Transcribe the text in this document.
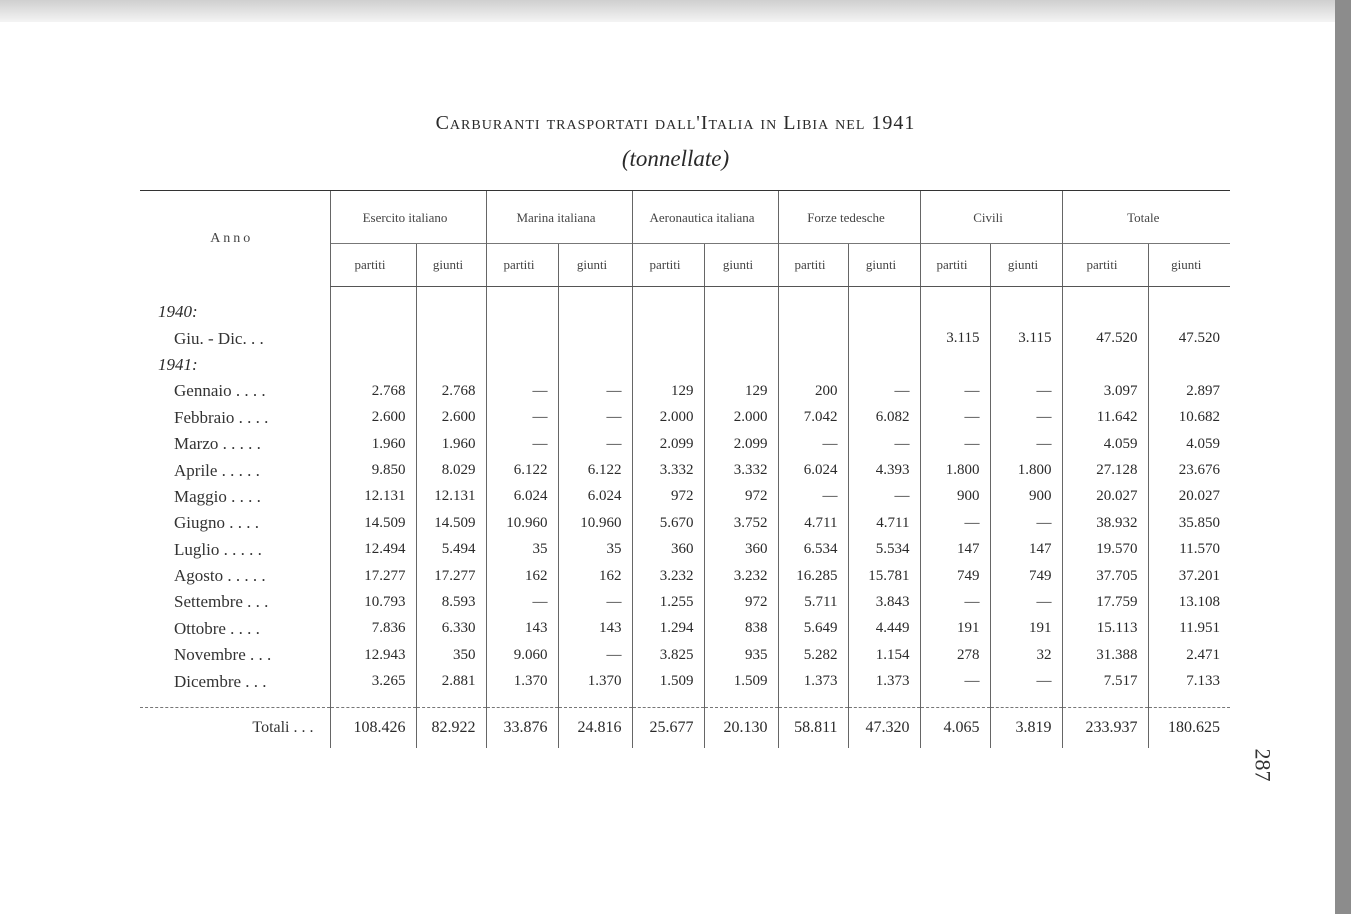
Carburanti trasportati dall'Italia in Libia nel 1941
(tonnellate)
Anno	Esercito italiano		Marina italiana		Aeronautica italiana		Forze tedesche		Civili		Totale	
	partiti	giunti	partiti	giunti	partiti	giunti	partiti	giunti	partiti	giunti	partiti	giunti

1940:												
Giu. - Dic. . .									3.115	3.115	47.520	47.520
1941:												
Gennaio . . . .	2.768	2.768	—	—	129	129	200	—	—	—	3.097	2.897
Febbraio . . . .	2.600	2.600	—	—	2.000	2.000	7.042	6.082	—	—	11.642	10.682
Marzo . . . . .	1.960	1.960	—	—	2.099	2.099	—	—	—	—	4.059	4.059
Aprile . . . . .	9.850	8.029	6.122	6.122	3.332	3.332	6.024	4.393	1.800	1.800	27.128	23.676
Maggio . . . .	12.131	12.131	6.024	6.024	972	972	—	—	900	900	20.027	20.027
Giugno . . . .	14.509	14.509	10.960	10.960	5.670	3.752	4.711	4.711	—	—	38.932	35.850
Luglio . . . . .	12.494	5.494	35	35	360	360	6.534	5.534	147	147	19.570	11.570
Agosto . . . . .	17.277	17.277	162	162	3.232	3.232	16.285	15.781	749	749	37.705	37.201
Settembre . . .	10.793	8.593	—	—	1.255	972	5.711	3.843	—	—	17.759	13.108
Ottobre . . . .	7.836	6.330	143	143	1.294	838	5.649	4.449	191	191	15.113	11.951
Novembre . . .	12.943	350	9.060	—	3.825	935	5.282	1.154	278	32	31.388	2.471
Dicembre . . .	3.265	2.881	1.370	1.370	1.509	1.509	1.373	1.373	—	—	7.517	7.133

Totali . . .	108.426	82.922	33.876	24.816	25.677	20.130	58.811	47.320	4.065	3.819	233.937	180.625
287
